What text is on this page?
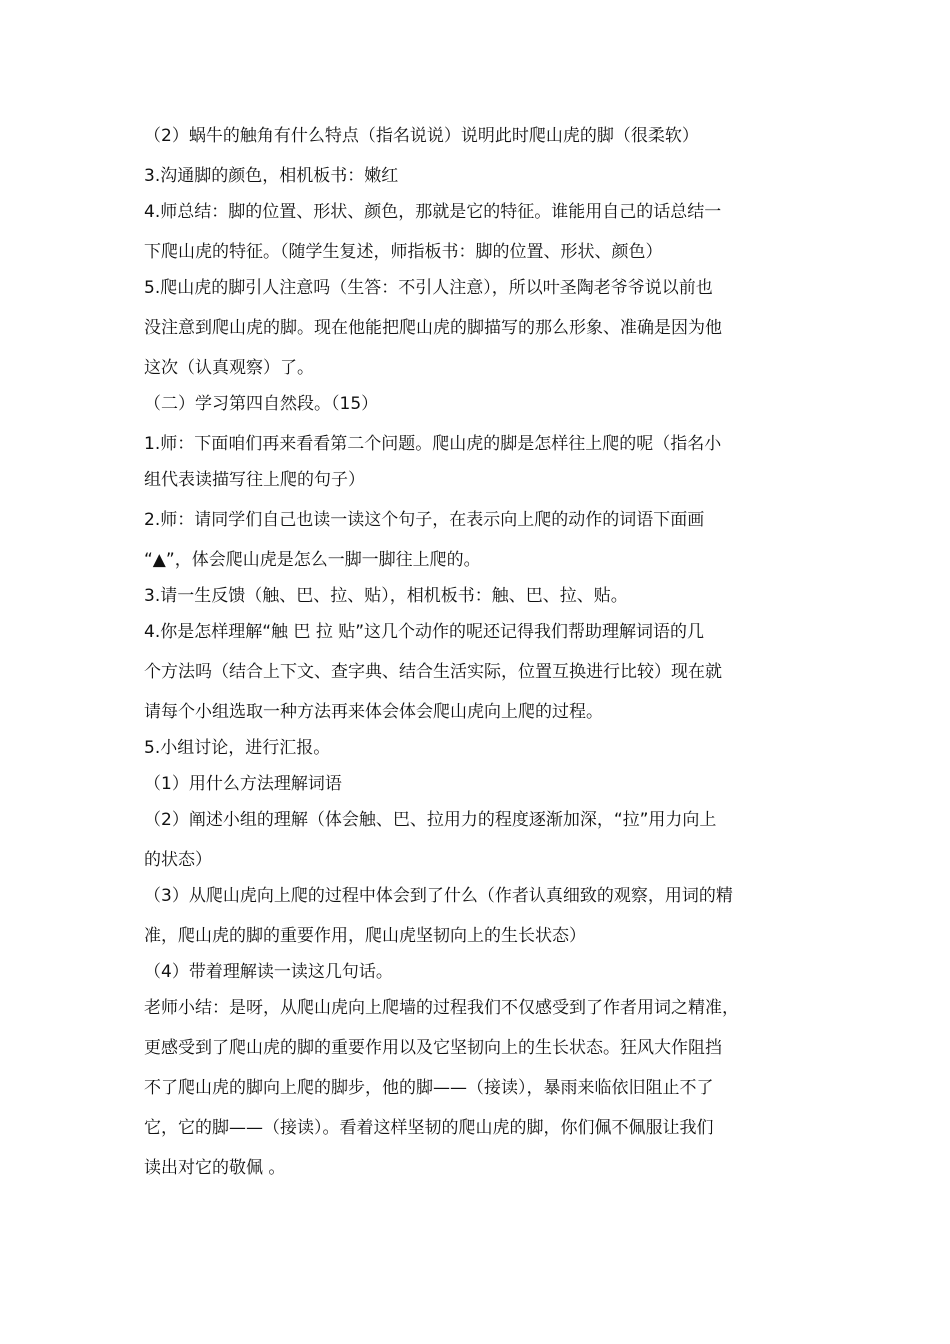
（2）蜗牛的触角有什么特点（指名说说）说明此时爬山虎的脚（很柔软）
3.沟通脚的颜色，相机板书：嫩红
4.师总结：脚的位置、形状、颜色，那就是它的特征。谁能用自己的话总结一
下爬山虎的特征。（随学生复述，师指板书：脚的位置、形状、颜色）
5.爬山虎的脚引人注意吗（生答：不引人注意），所以叶圣陶老爷爷说以前也
没注意到爬山虎的脚。现在他能把爬山虎的脚描写的那么形象、准确是因为他
这次（认真观察）了。
（二）学习第四自然段。（15）
1.师：下面咱们再来看看第二个问题。爬山虎的脚是怎样往上爬的呢（指名小
组代表读描写往上爬的句子）
2.师：请同学们自己也读一读这个句子，在表示向上爬的动作的词语下面画
“▲”，体会爬山虎是怎么一脚一脚往上爬的。
3.请一生反馈（触、巴、拉、贴），相机板书：触、巴、拉、贴。
4.你是怎样理解“触 巴 拉 贴”这几个动作的呢还记得我们帮助理解词语的几
个方法吗（结合上下文、查字典、结合生活实际，位置互换进行比较）现在就
请每个小组选取一种方法再来体会体会爬山虎向上爬的过程。
5.小组讨论，进行汇报。
（1）用什么方法理解词语
（2）阐述小组的理解（体会触、巴、拉用力的程度逐渐加深，“拉”用力向上
的状态）
（3）从爬山虎向上爬的过程中体会到了什么（作者认真细致的观察，用词的精
准，爬山虎的脚的重要作用，爬山虎坚韧向上的生长状态）
（4）带着理解读一读这几句话。
老师小结：是呀，从爬山虎向上爬墙的过程我们不仅感受到了作者用词之精准，
更感受到了爬山虎的脚的重要作用以及它坚韧向上的生长状态。狂风大作阻挡
不了爬山虎的脚向上爬的脚步，他的脚——（接读），暴雨来临依旧阻止不了
它，它的脚——（接读）。看着这样坚韧的爬山虎的脚，你们佩不佩服让我们
读出对它的敬佩 。
